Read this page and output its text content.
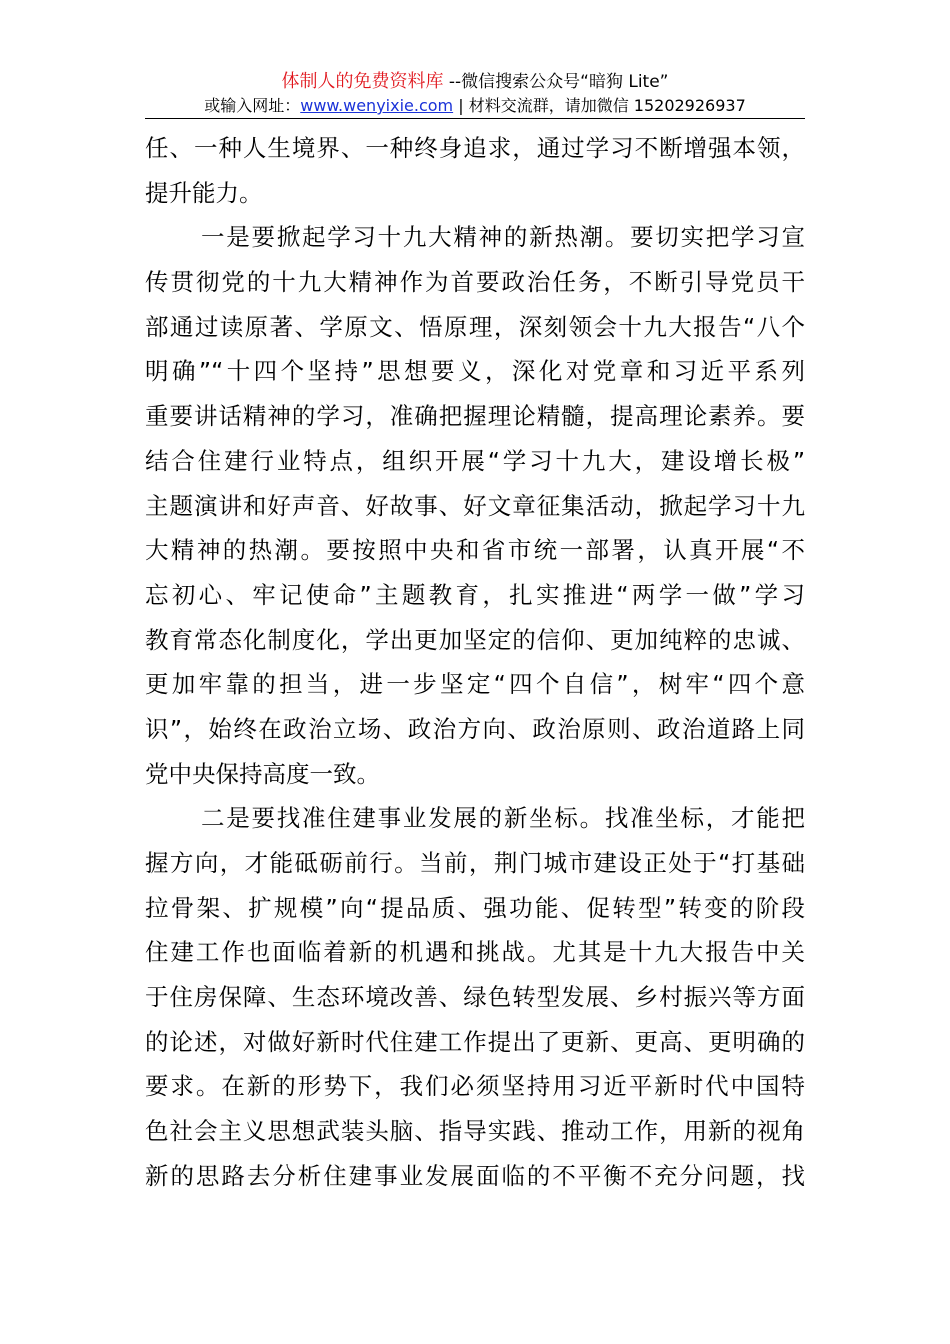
体制人的免费资料库 --微信搜索公众号“暗狗 Lite”
或输入网址：www.wenyixie.com | 材料交流群，请加微信 15202926937
任、一种人生境界、一种终身追求，通过学习不断增强本领，
提升能力。
一是要掀起学习十九大精神的新热潮。要切实把学习宣
传贯彻党的十九大精神作为首要政治任务，不断引导党员干
部通过读原著、学原文、悟原理，深刻领会十九大报告“八个
明确”“十四个坚持”思想要义，深化对党章和习近平系列
重要讲话精神的学习，准确把握理论精髓，提高理论素养。要
结合住建行业特点，组织开展“学习十九大，建设增长极”
主题演讲和好声音、好故事、好文章征集活动，掀起学习十九
大精神的热潮。要按照中央和省市统一部署，认真开展“不
忘初心、牢记使命”主题教育，扎实推进“两学一做”学习
教育常态化制度化，学出更加坚定的信仰、更加纯粹的忠诚、
更加牢靠的担当，进一步坚定“四个自信”，树牢“四个意
识”，始终在政治立场、政治方向、政治原则、政治道路上同
党中央保持高度一致。
二是要找准住建事业发展的新坐标。找准坐标，才能把
握方向，才能砥砺前行。当前，荆门城市建设正处于“打基础
拉骨架、扩规模”向“提品质、强功能、促转型”转变的阶段
住建工作也面临着新的机遇和挑战。尤其是十九大报告中关
于住房保障、生态环境改善、绿色转型发展、乡村振兴等方面
的论述，对做好新时代住建工作提出了更新、更高、更明确的
要求。在新的形势下，我们必须坚持用习近平新时代中国特
色社会主义思想武装头脑、指导实践、推动工作，用新的视角
新的思路去分析住建事业发展面临的不平衡不充分问题，找
